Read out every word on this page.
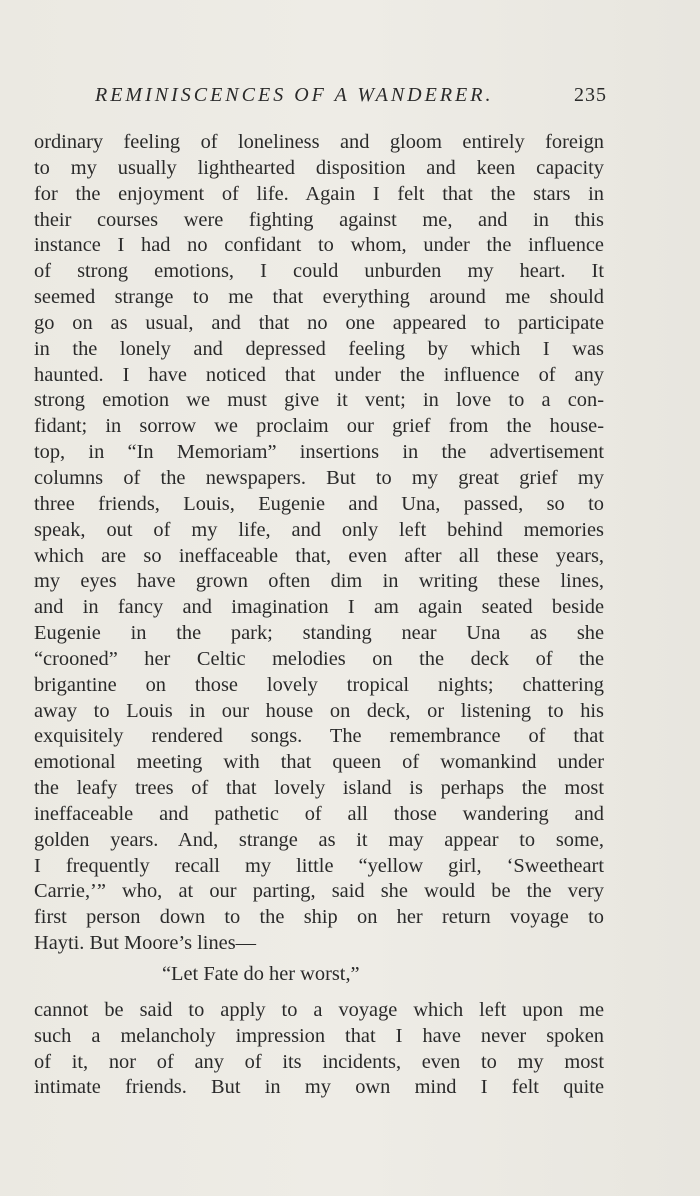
REMINISCENCES OF A WANDERER.	235
ordinary feeling of loneliness and gloom entirely foreign
to my usually lighthearted disposition and keen capacity
for the enjoyment of life. Again I felt that the stars in
their courses were fighting against me, and in this
instance I had no confidant to whom, under the influence
of strong emotions, I could unburden my heart. It
seemed strange to me that everything around me should
go on as usual, and that no one appeared to participate
in the lonely and depressed feeling by which I was
haunted. I have noticed that under the influence of any
strong emotion we must give it vent; in love to a con-
fidant; in sorrow we proclaim our grief from the house-
top, in “In Memoriam” insertions in the advertisement
columns of the newspapers. But to my great grief my
three friends, Louis, Eugenie and Una, passed, so to
speak, out of my life, and only left behind memories
which are so ineffaceable that, even after all these years,
my eyes have grown often dim in writing these lines,
and in fancy and imagination I am again seated beside
Eugenie in the park; standing near Una as she
“crooned” her Celtic melodies on the deck of the
brigantine on those lovely tropical nights; chattering
away to Louis in our house on deck, or listening to his
exquisitely rendered songs. The remembrance of that
emotional meeting with that queen of womankind under
the leafy trees of that lovely island is perhaps the most
ineffaceable and pathetic of all those wandering and
golden years. And, strange as it may appear to some,
I frequently recall my little “yellow girl, ‘Sweetheart
Carrie,’” who, at our parting, said she would be the very
first person down to the ship on her return voyage to
Hayti. But Moore’s lines—
“Let Fate do her worst,”
cannot be said to apply to a voyage which left upon me
such a melancholy impression that I have never spoken
of it, nor of any of its incidents, even to my most
intimate friends. But in my own mind I felt quite
